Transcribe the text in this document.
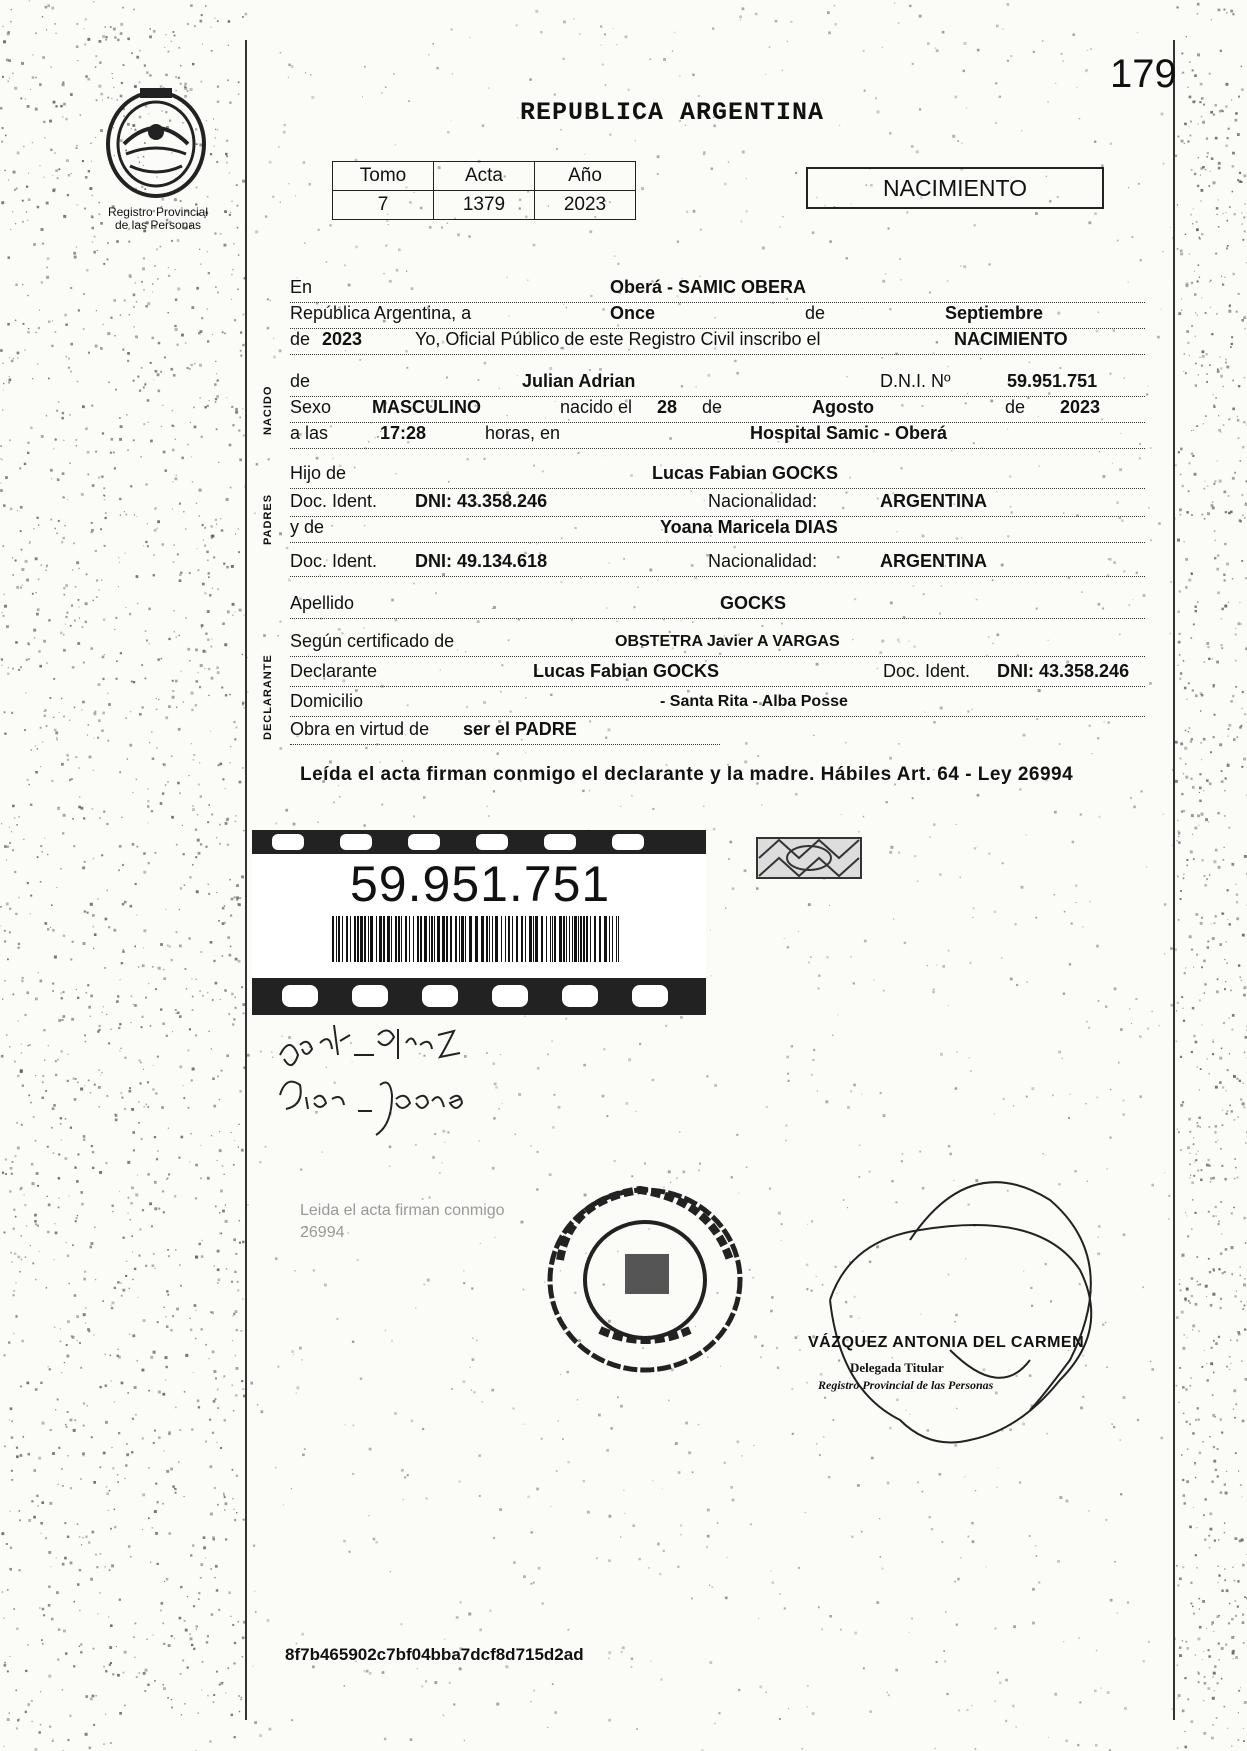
179
Registro Provincial
de las Personas
REPUBLICA ARGENTINA
Tomo	Acta	Año
7	1379	2023
NACIMIENTO
NACIDO
PADRES
DECLARANTE
En	Oberá - SAMIC OBERA
República Argentina, a	Once	de	Septiembre
de 2023	Yo, Oficial Público de este Registro Civil inscribo el	NACIMIENTO
de	Julian Adrian	D.N.I. Nº	59.951.751
Sexo MASCULINO	nacido el 28 de	Agosto	de 2023
a las	17:28	horas, en	Hospital Samic - Oberá
Hijo de	Lucas Fabian GOCKS
Doc. Ident. DNI: 43.358.246	Nacionalidad:	ARGENTINA
y de	Yoana Maricela DIAS
Doc. Ident. DNI: 49.134.618	Nacionalidad:	ARGENTINA
Apellido	GOCKS
Según certificado de	OBSTETRA Javier A VARGAS
Declarante	Lucas Fabian GOCKS	Doc. Ident. DNI: 43.358.246
Domicilio	- Santa Rita - Alba Posse
Obra en virtud de ser el PADRE
Leída el acta firman conmigo el declarante y la madre. Hábiles Art. 64 - Ley 26994
59.951.751
Leida el acta firman conmigo
26994
VÁZQUEZ ANTONIA DEL CARMEN
Delegada Titular
Registro Provincial de las Personas
8f7b465902c7bf04bba7dcf8d715d2ad
